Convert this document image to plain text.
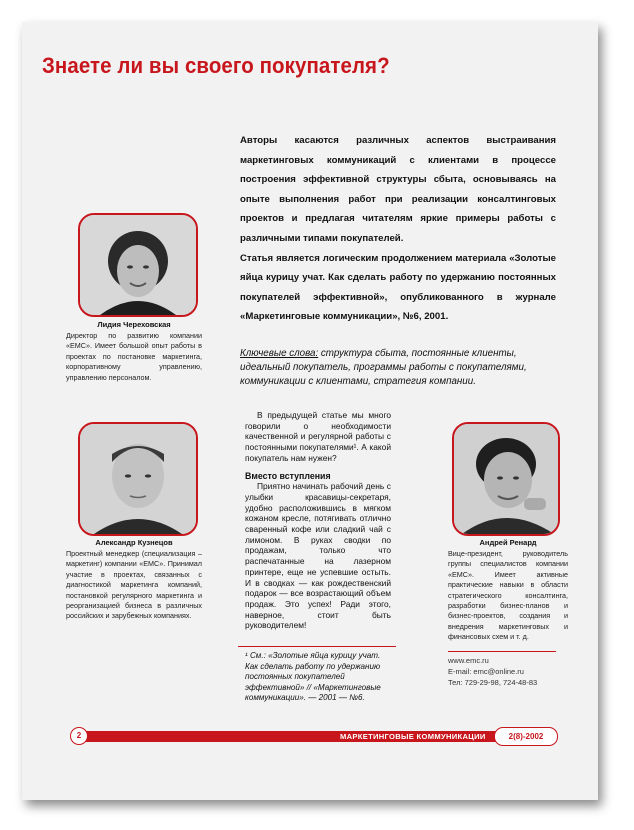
Знаете ли вы своего покупателя?

Авторы касаются различных аспектов выстраивания маркетинговых коммуникаций с клиентами в процессе построения эффективной структуры сбыта, основываясь на опыте выполнения работ при реализации консалтинговых проектов и предлагая читателям яркие примеры работы с различными типами покупателей.

Статья является логическим продолжением материала «Золотые яйца курицу учат. Как сделать работу по удержанию постоянных покупателей эффективной», опубликованного в журнале «Маркетинговые коммуникации», №6, 2001.

Ключевые слова: структура сбыта, постоянные клиенты, идеальный покупатель, программы работы с покупателями, коммуникации с клиентами, стратегия компании.
Лидия Череховская
Директор по развитию компании «ЕМС». Имеет большой опыт работы в проектах по постановке маркетинга, корпоративному управлению, управлению персоналом.
Александр Кузнецов
Проектный менеджер (специализация – маркетинг) компании «ЕМС». Принимал участие в проектах, связанных с диагностикой маркетинга компаний, постановкой регулярного маркетинга и реорганизацией бизнеса в различных российских и зарубежных компаниях.
Андрей Ренард
Вице-президент, руководитель группы специалистов компании «ЕМС». Имеет активные практические навыки в области стратегического консалтинга, разработки бизнес-планов и бизнес-проектов, создания и внедрения маркетинговых и финансовых схем и т. д.

В предыдущей статье мы много говорили о необходимости качественной и регулярной работы с постоянными покупателями¹. А какой покупатель нам нужен?

Вместо вступления

Приятно начинать рабочий день с улыбки красавицы-секретаря, удобно расположившись в мягком кожаном кресле, потягивать отлично сваренный кофе или сладкий чай с лимоном. В руках сводки по продажам, только что распечатанные на лазерном принтере, еще не успевшие остыть. И в сводках — как рождественский подарок — все возрастающий объем продаж. Это успех! Ради этого, наверное, стоит быть руководителем!

¹ См.: «Золотые яйца курицу учат. Как сделать работу по удержанию постоянных покупателей эффективной» // «Маркетинговые коммуникации». — 2001 — №6.
www.emc.ru
E-mail: emc@online.ru
Тел: 729-29-98, 724-48-83
2	МАРКЕТИНГОВЫЕ КОММУНИКАЦИИ	2(8)-2002
